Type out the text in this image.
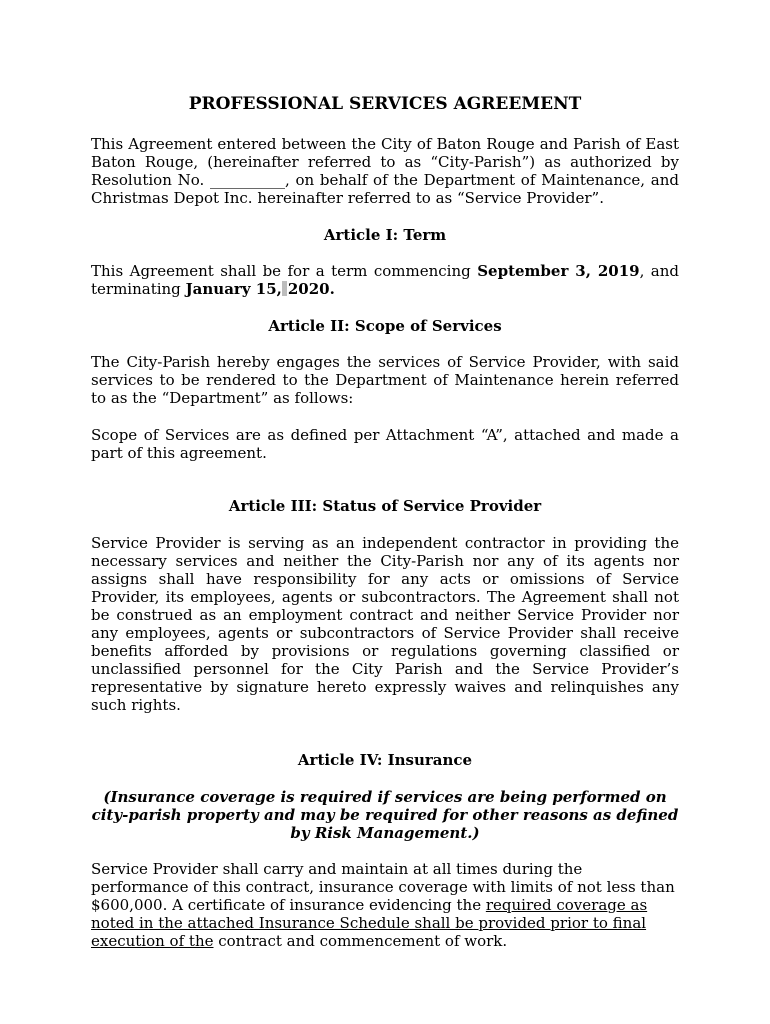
PROFESSIONAL SERVICES AGREEMENT
This Agreement entered between the City of Baton Rouge and Parish of East Baton Rouge, (hereinafter referred to as “City-Parish”) as authorized by Resolution No. __________, on behalf of the Department of Maintenance, and Christmas Depot Inc. hereinafter referred to as “Service Provider”.
Article I: Term
This Agreement shall be for a term commencing September 3, 2019, and terminating January 15, 2020.
Article II: Scope of Services
The City-Parish hereby engages the services of Service Provider, with said services to be rendered to the Department of Maintenance herein referred to as the “Department” as follows:
Scope of Services are as defined per Attachment “A”, attached and made a part of this agreement.
Article III: Status of Service Provider
Service Provider is serving as an independent contractor in providing the necessary services and neither the City-Parish nor any of its agents nor assigns shall have responsibility for any acts or omissions of Service Provider, its employees, agents or subcontractors. The Agreement shall not be construed as an employment contract and neither Service Provider nor any employees, agents or subcontractors of Service Provider shall receive benefits afforded by provisions or regulations governing classified or unclassified personnel for the City Parish and the Service Provider’s representative by signature hereto expressly waives and relinquishes any such rights.
Article IV: Insurance
(Insurance coverage is required if services are being performed on city-parish property and may be required for other reasons as defined by Risk Management.)
Service Provider shall carry and maintain at all times during the performance of this contract, insurance coverage with limits of not less than $600,000. A certificate of insurance evidencing the required coverage as noted in the attached Insurance Schedule shall be provided prior to final execution of the contract and commencement of work.
